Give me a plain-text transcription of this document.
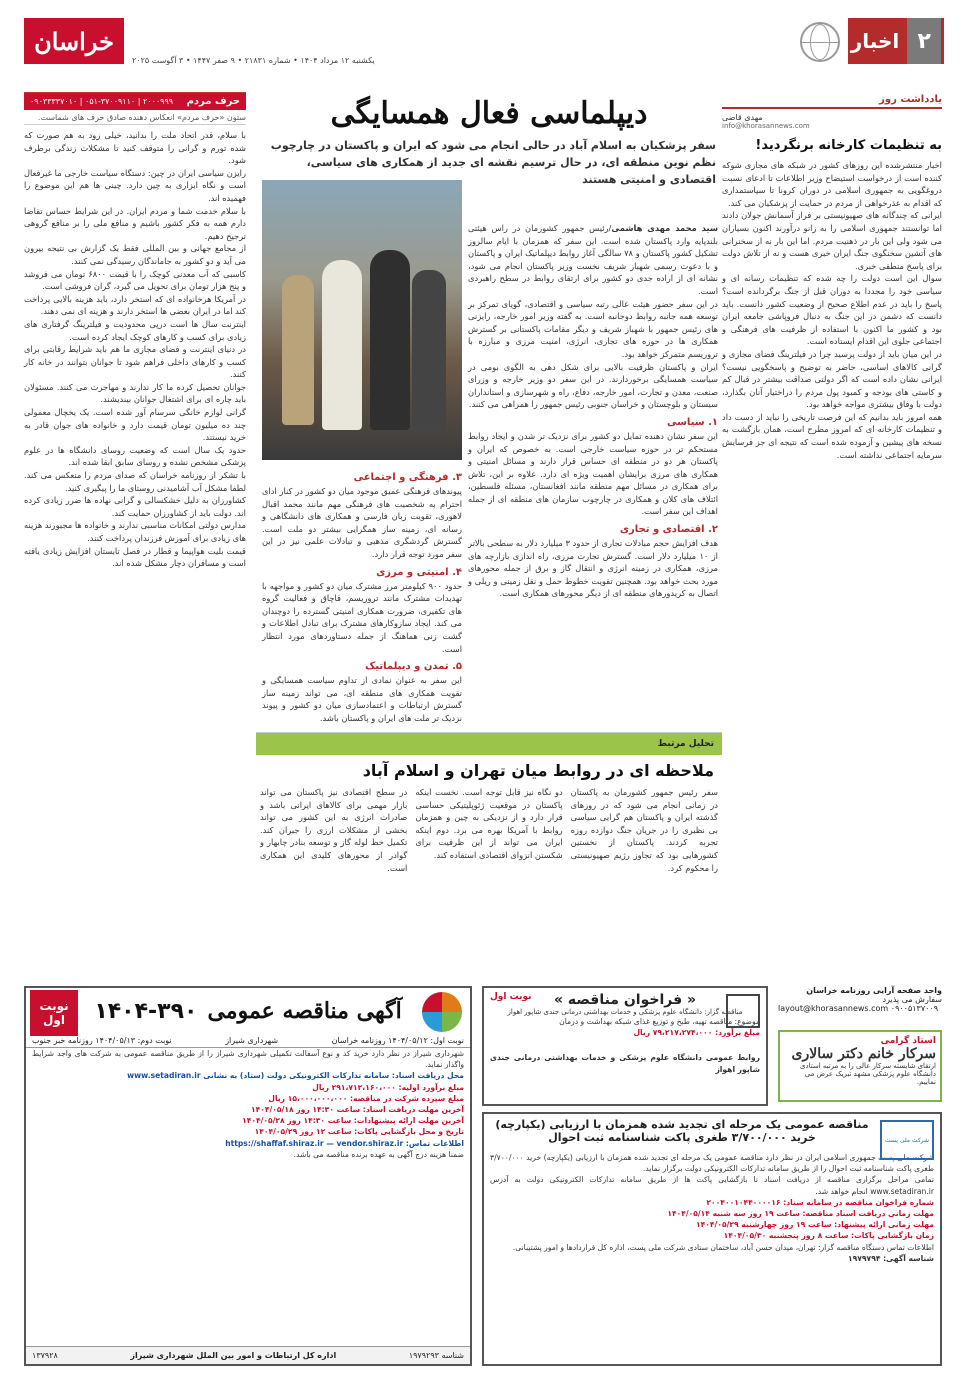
۲
اخبار
خراسان
یکشنبه ۱۲ مرداد ۱۴۰۴ • شماره ۲۱۸۳۱ • ۹ صفر ۱۴۴۷ • ۳ آگوست ۲۰۲۵
یادداشت روز
مهدی قاضی
info@khorasannews.com
به تنظیمات کارخانه برنگردید!

اخبار منتشرشده این روزهای کشور در شبکه های مجازی شوکه کننده است از درخواست استیضاح وزیر اطلاعات تا ادعای نسبت دروغگویی به جمهوری اسلامی در دوران کرونا تا سیاستمداری که اقدام به عذرخواهی از مردم در حمایت از پزشکیان می کند.

ایرانی که چندگانه های صهیونیستی بر فراز آسمانش جولان دادند اما توانستند جمهوری اسلامی را به زانو درآورند اکنون بسیاران می شود ولی این بار در ذهنیت مردم. اما این بار نه از سخنرانی های آتشین سخنگوی جنگ ایران خبری هست و نه از تلاش دولت برای پاسخ منطقی خبری.

سوال این است دولت را چه شده که تنظیمات رسانه ای و سیاسی خود را مجددا به دوران قبل از جنگ برگردانده است؟ پاسخ را باید در عدم اطلاع صحیح از وضعیت کشور دانست. باید دانست که دشمن در این جنگ به دنبال فروپاشی جامعه ایران بود و کشور ما اکنون با استفاده از ظرفیت های فرهنگی و اجتماعی جلوی این اقدام ایستاده است.

در این میان باید از دولت پرسید چرا در فیلترینگ فضای مجازی و گرانی کالاهای اساسی، حاضر به توضیح و پاسخگویی نیست؟ ایرانی نشان داده است که اگر دولتی صداقت بیشتر در قبال کم و کاستی های بودجه و کمبود پول مردم را دراختیار آنان بگذارد، دولت با وفاق بیشتری مواجه خواهد بود.

همه امروز باید بدانیم که این فرصت تاریخی را نباید از دست داد و تنظیمات کارخانه ای که امروز مطرح است، همان بازگشت به نسخه های پیشین و آزموده شده است که نتیجه ای جز فرسایش سرمایه اجتماعی نداشته است.

دیپلماسی فعال همسایگی
سفر پزشکیان به اسلام آباد در حالی انجام می شود که ایران و پاکستان در چارچوب نظم نوین منطقه ای، در حال ترسیم نقشه ای جدید از همکاری های سیاسی، اقتصادی و امنیتی هستند

سید محمد مهدی هاشمی/رئیس جمهور کشورمان در راس هیئتی بلندپایه وارد پاکستان شده است. این سفر که همزمان با ایام سالروز تشکیل کشور پاکستان و ۷۸ سالگی آغاز روابط دیپلماتیک ایران و پاکستان و با دعوت رسمی شهباز شریف نخست وزیر پاکستان انجام می شود، نشانه ای از اراده جدی دو کشور برای ارتقای روابط در سطح راهبردی است.

در این سفر حضور هیئت عالی رتبه سیاسی و اقتصادی، گویای تمرکز بر توسعه همه جانبه روابط دوجانبه است. به گفته وزیر امور خارجه، رایزنی های رئیس جمهور با شهباز شریف و دیگر مقامات پاکستانی بر گسترش همکاری ها در حوزه های تجاری، انرژی، امنیت مرزی و مبارزه با تروریسم متمرکز خواهد بود.

ایران و پاکستان ظرفیت بالایی برای شکل دهی به الگوی بومی در سیاست همسایگی برخوردارند. در این سفر دو وزیر خارجه و وزرای صنعت، معدن و تجارت، امور خارجه، دفاع، راه و شهرسازی و استانداران سیستان و بلوچستان و خراسان جنوبی رئیس جمهور را همراهی می کنند.

۱. سیاسی

این سفر نشان دهنده تمایل دو کشور برای نزدیک تر شدن و ایجاد روابط مستحکم تر در حوزه سیاست خارجی است. به خصوص که ایران و پاکستان هر دو در منطقه ای حساس قرار دارند و مسائل امنیتی و همکاری های مرزی برایشان اهمیت ویژه ای دارد. علاوه بر این، تلاش برای همکاری در مسائل مهم منطقه مانند افغانستان، مسئله فلسطین، ائتلاف های کلان و همکاری در چارچوب سازمان های منطقه ای از جمله اهداف این سفر است.

۲. اقتصادی و تجاری

هدف افزایش حجم مبادلات تجاری از حدود ۳ میلیارد دلار به سطحی بالاتر از ۱۰ میلیارد دلار است. گسترش تجارت مرزی، راه اندازی بازارچه های مرزی، همکاری در زمینه انرژی و انتقال گاز و برق از جمله محورهای مورد بحث خواهد بود. همچنین تقویت خطوط حمل و نقل زمینی و ریلی و اتصال به کریدورهای منطقه ای از دیگر محورهای همکاری است.

۳. فرهنگی و اجتماعی

پیوندهای فرهنگی عمیق موجود میان دو کشور در کنار ادای احترام به شخصیت های فرهنگی مهم مانند محمد اقبال لاهوری، تقویت زبان فارسی و همکاری های دانشگاهی و رسانه ای، زمینه ساز همگرایی بیشتر دو ملت است. گسترش گردشگری مذهبی و تبادلات علمی نیز در این سفر مورد توجه قرار دارد.

۴. امنیتی و مرزی

حدود ۹۰۰ کیلومتر مرز مشترک میان دو کشور و مواجهه با تهدیدات مشترک مانند تروریسم، قاچاق و فعالیت گروه های تکفیری، ضرورت همکاری امنیتی گسترده را دوچندان می کند. ایجاد سازوکارهای مشترک برای تبادل اطلاعات و گشت زنی هماهنگ از جمله دستاوردهای مورد انتظار است.

۵. تمدن و دیپلماتیک

این سفر به عنوان نمادی از تداوم سیاست همسایگی و تقویت همکاری های منطقه ای، می تواند زمینه ساز گسترش ارتباطات و اعتمادسازی میان دو کشور و پیوند نزدیک تر ملت های ایران و پاکستان باشد.

تحلیل مرتبط
ملاحظه ای در روابط میان تهران و اسلام آباد

سفر رئیس جمهور کشورمان به پاکستان در زمانی انجام می شود که در روزهای گذشته ایران و پاکستان هم گرایی سیاسی بی نظیری را در جریان جنگ دوازده روزه تجربه کردند. پاکستان از نخستین کشورهایی بود که تجاوز رژیم صهیونیستی را محکوم کرد.

دو نگاه نیز قابل توجه است. نخست اینکه پاکستان در موقعیت ژئوپلیتیکی حساسی قرار دارد و از نزدیکی به چین و همزمان روابط با آمریکا بهره می برد. دوم اینکه ایران می تواند از این ظرفیت برای شکستن انزوای اقتصادی استفاده کند.

در سطح اقتصادی نیز پاکستان می تواند بازار مهمی برای کالاهای ایرانی باشد و صادرات انرژی به این کشور می تواند بخشی از مشکلات ارزی را جبران کند. تکمیل خط لوله گاز و توسعه بنادر چابهار و گوادر از محورهای کلیدی این همکاری است.

حرف مردم
۰۹۰۳۳۳۳۷۰۱۰ | ۰۵۱-۳۷۰۰۹۱۱۰ | ۲۰۰۰۹۹۹
ستون «حرف مردم» انعکاس دهنده صادق حرف های شماست.

با سلام، قدر اتحاد ملت را بدانید، خیلی زود به هم صورت که شده تورم و گرانی را متوقف کنید تا مشکلات زندگی برطرف شود.

رایزن سیاسی ایران در چین: دستگاه سیاست خارجی ما غیرفعال است و نگاه ابزاری به چین دارد. چینی ها هم این موضوع را فهمیده اند.

با سلام خدمت شما و مردم ایران. در این شرایط حساس تقاضا دارم همه به فکر کشور باشیم و منافع ملی را بر منافع گروهی ترجیح دهیم.

از مجامع جهانی و بین المللی فقط یک گزارش بی نتیجه بیرون می آید و دو کشور به جاماندگان رسیدگی نمی کنند.

کاسبی که آب معدنی کوچک را با قیمت ۶۸۰۰ تومان می فروشد و پنج هزار تومان برای تحویل می گیرد، گران فروشی است.

در آمریکا هرخانواده ای که استخر دارد، باید هزینه بالایی پرداخت کند اما در ایران بعضی ها استخر دارند و هزینه ای نمی دهند.

اینترنت سال ها است درپی محدودیت و فیلترینگ گرفتاری های زیادی برای کسب و کارهای کوچک ایجاد کرده است.

در دنیای اینترنت و فضای مجازی ما هم باید شرایط رقابتی برای کسب و کارهای داخلی فراهم شود تا جوانان بتوانند در خانه کار کنند.

جوانان تحصیل کرده ما کار ندارند و مهاجرت می کنند. مسئولان باید چاره ای برای اشتغال جوانان بیندیشند.

گرانی لوازم خانگی سرسام آور شده است. یک یخچال معمولی چند ده میلیون تومان قیمت دارد و خانواده های جوان قادر به خرید نیستند.

حدود یک سال است که وضعیت روسای دانشگاه ها در علوم پزشکی مشخص نشده و روسای سابق ابقا شده اند.

با تشکر از روزنامه خراسان که صدای مردم را منعکس می کند. لطفا مشکل آب آشامیدنی روستای ما را پیگیری کنید.

کشاورزان به دلیل خشکسالی و گرانی نهاده ها ضرر زیادی کرده اند. دولت باید از کشاورزان حمایت کند.

مدارس دولتی امکانات مناسبی ندارند و خانواده ها مجبورند هزینه های زیادی برای آموزش فرزندان پرداخت کنند.

قیمت بلیت هواپیما و قطار در فصل تابستان افزایش زیادی یافته است و مسافران دچار مشکل شده اند.

نوبت اول	آگهی مناقصه عمومی
۱۴۰۴-۳۹۰
نوبت اول: ۱۴۰۴/۰۵/۱۲ روزنامه خراسان
شهرداری شیراز
نوبت دوم: ۱۴۰۴/۰۵/۱۳ روزنامه خبر جنوب

شهرداری شیراز در نظر دارد خرید کد و نوع آسفالت تکمیلی شهرداری شیراز را از طریق مناقصه عمومی به شرکت های واجد شرایط واگذار نماید.

محل دریافت اسناد: سامانه تدارکات الکترونیکی دولت (ستاد) به نشانی www.setadiran.ir

مبلغ برآورد اولیه: ۲۹۱،۷۱۲،۱۶۰،۰۰۰ ریال

مبلغ سپرده شرکت در مناقصه: ۱۵،۰۰۰،۰۰۰،۰۰۰ ریال

آخرین مهلت دریافت اسناد: ساعت ۱۴:۳۰ روز ۱۴۰۴/۰۵/۱۸

آخرین مهلت ارائه پیشنهادات: ساعت ۱۴:۳۰ روز ۱۴۰۴/۰۵/۲۸

تاریخ و محل بازگشایی پاکات: ساعت ۱۲ روز ۱۴۰۴/۰۵/۲۹

اطلاعات تماس: https://shaffaf.shiraz.ir — vendor.shiraz.ir

ضمنا هزینه درج آگهی به عهده برنده مناقصه می باشد.

شناسه ۱۹۷۹۲۹۳
اداره کل ارتباطات و امور بین الملل شهرداری شیراز
۱۳۷۹۲۸
نوبت اول	« فراخوان مناقصه »
مناقصه گزار: دانشگاه علوم پزشکی و خدمات بهداشتی درمانی جندی شاپور اهواز

موضوع: مناقصه تهیه، طبخ و توزیع غذای شبکه بهداشت و درمان

مبلغ برآورد: ۷۹،۲۱۷،۲۷۴،۰۰۰ ریال

روابط عمومی دانشگاه علوم پزشکی و خدمات بهداشتی درمانی جندی شاپور اهواز

واحد صفحه آرایی روزنامه خراسان
سفارش می پذیرد
layout@khorasannews.com ۰۹۰۰۵۱۳۷۰۰۹
استاد گرامی
سرکار خانم دکتر سالاری
ارتقای شایسته سرکار عالی را به مرتبه استادی دانشگاه علوم پزشکی مشهد تبریک عرض می نماییم.
شرکت ملی پست
مناقصه عمومی یک مرحله ای تجدید شده همزمان با ارزیابی (یکپارچه)
خرید ۳/۷۰۰/۰۰۰ طغری پاکت شناسنامه ثبت احوال

شرکت ملی پست جمهوری اسلامی ایران در نظر دارد مناقصه عمومی یک مرحله ای تجدید شده همزمان با ارزیابی (یکپارچه) خرید ۳/۷۰۰/۰۰۰ طغری پاکت شناسنامه ثبت احوال را از طریق سامانه تدارکات الکترونیکی دولت برگزار نماید.

تمامی مراحل برگزاری مناقصه از دریافت اسناد تا بازگشایی پاکت ها از طریق سامانه تدارکات الکترونیکی دولت به آدرس www.setadiran.ir انجام خواهد شد.

شماره فراخوان مناقصه در سامانه ستاد: ۲۰۰۴۰۰۱۰۴۴۰۰۰۰۱۶

مهلت زمانی دریافت اسناد مناقصه: ساعت ۱۹ روز سه شنبه ۱۴۰۴/۰۵/۱۴

مهلت زمانی ارائه پیشنهاد: ساعت ۱۹ روز چهارشنبه ۱۴۰۴/۰۵/۲۹

زمان بازگشایی پاکات: ساعت ۸ روز پنجشنبه ۱۴۰۴/۰۵/۳۰

اطلاعات تماس دستگاه مناقصه گزار: تهران، میدان حسن آباد، ساختمان ستادی شرکت ملی پست، اداره کل قراردادها و امور پشتیبانی.

شناسه آگهی: ۱۹۷۹۷۹۴
